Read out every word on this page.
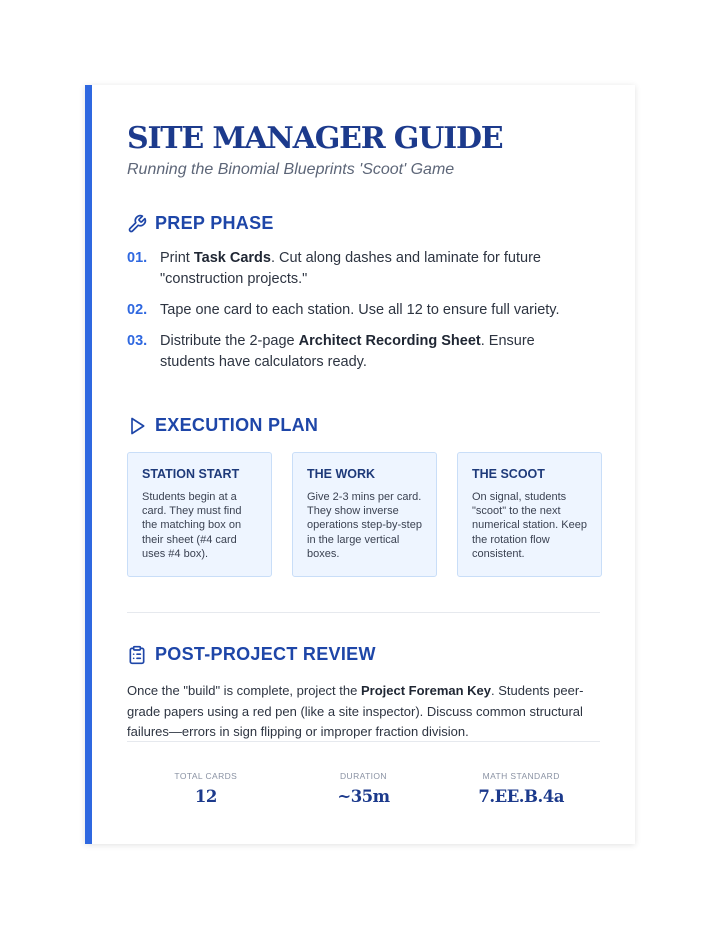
SITE MANAGER GUIDE
Running the Binomial Blueprints 'Scoot' Game
PREP PHASE
01. Print Task Cards. Cut along dashes and laminate for future "construction projects."
02. Tape one card to each station. Use all 12 to ensure full variety.
03. Distribute the 2-page Architect Recording Sheet. Ensure students have calculators ready.
EXECUTION PLAN
STATION START
Students begin at a card. They must find the matching box on their sheet (#4 card uses #4 box).
THE WORK
Give 2-3 mins per card. They show inverse operations step-by-step in the large vertical boxes.
THE SCOOT
On signal, students "scoot" to the next numerical station. Keep the rotation flow consistent.
POST-PROJECT REVIEW

Once the "build" is complete, project the Project Foreman Key. Students peer-grade papers using a red pen (like a site inspector). Discuss common structural failures—errors in sign flipping or improper fraction division.

TOTAL CARDS
12
DURATION
~35m
MATH STANDARD
7.EE.B.4a
